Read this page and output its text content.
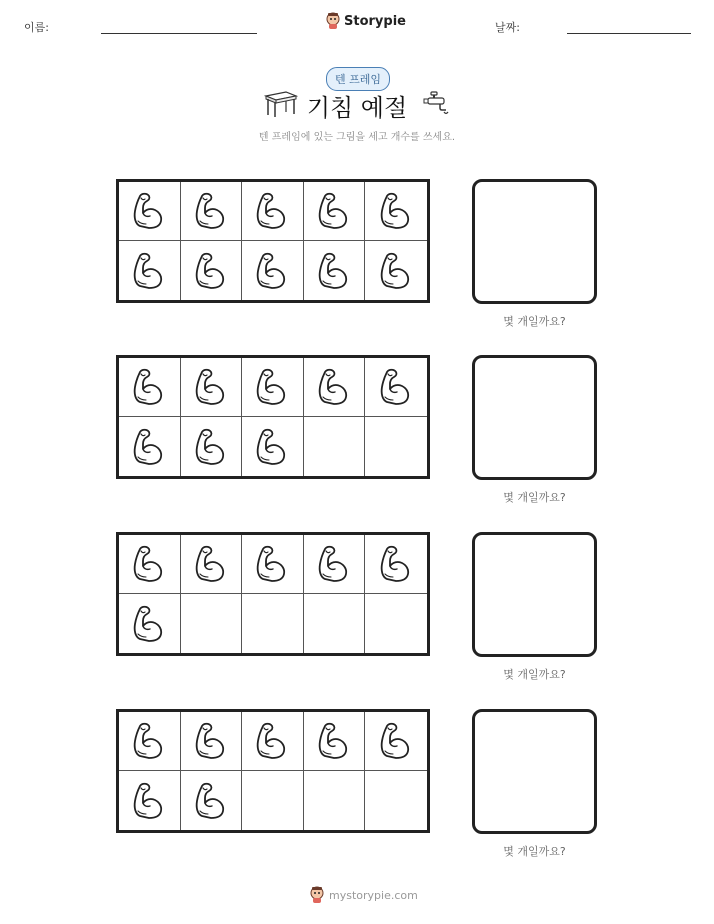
이름:	Storypie	날짜:
텐 프레임
기침 예절
텐 프레임에 있는 그림을 세고 개수를 쓰세요.
몇 개일까요?
몇 개일까요?
몇 개일까요?
몇 개일까요?
mystorypie.com
